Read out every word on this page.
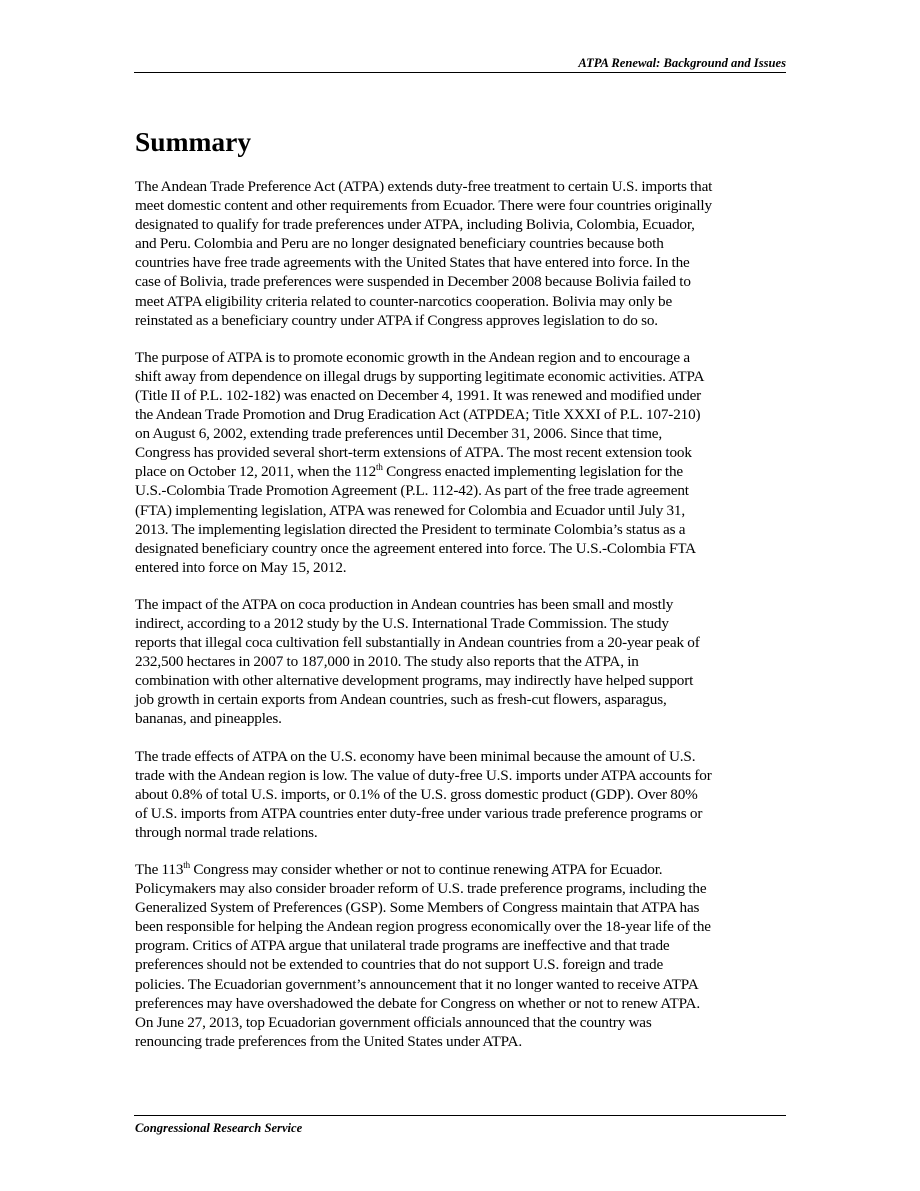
ATPA Renewal: Background and Issues
Summary

The Andean Trade Preference Act (ATPA) extends duty-free treatment to certain U.S. imports that
meet domestic content and other requirements from Ecuador. There were four countries originally
designated to qualify for trade preferences under ATPA, including Bolivia, Colombia, Ecuador,
and Peru. Colombia and Peru are no longer designated beneficiary countries because both
countries have free trade agreements with the United States that have entered into force. In the
case of Bolivia, trade preferences were suspended in December 2008 because Bolivia failed to
meet ATPA eligibility criteria related to counter-narcotics cooperation. Bolivia may only be
reinstated as a beneficiary country under ATPA if Congress approves legislation to do so.

The purpose of ATPA is to promote economic growth in the Andean region and to encourage a
shift away from dependence on illegal drugs by supporting legitimate economic activities. ATPA
(Title II of P.L. 102-182) was enacted on December 4, 1991. It was renewed and modified under
the Andean Trade Promotion and Drug Eradication Act (ATPDEA; Title XXXI of P.L. 107-210)
on August 6, 2002, extending trade preferences until December 31, 2006. Since that time,
Congress has provided several short-term extensions of ATPA. The most recent extension took
place on October 12, 2011, when the 112th Congress enacted implementing legislation for the
U.S.-Colombia Trade Promotion Agreement (P.L. 112-42). As part of the free trade agreement
(FTA) implementing legislation, ATPA was renewed for Colombia and Ecuador until July 31,
2013. The implementing legislation directed the President to terminate Colombia’s status as a
designated beneficiary country once the agreement entered into force. The U.S.-Colombia FTA
entered into force on May 15, 2012.

The impact of the ATPA on coca production in Andean countries has been small and mostly
indirect, according to a 2012 study by the U.S. International Trade Commission. The study
reports that illegal coca cultivation fell substantially in Andean countries from a 20-year peak of
232,500 hectares in 2007 to 187,000 in 2010. The study also reports that the ATPA, in
combination with other alternative development programs, may indirectly have helped support
job growth in certain exports from Andean countries, such as fresh-cut flowers, asparagus,
bananas, and pineapples.

The trade effects of ATPA on the U.S. economy have been minimal because the amount of U.S.
trade with the Andean region is low. The value of duty-free U.S. imports under ATPA accounts for
about 0.8% of total U.S. imports, or 0.1% of the U.S. gross domestic product (GDP). Over 80%
of U.S. imports from ATPA countries enter duty-free under various trade preference programs or
through normal trade relations.

The 113th Congress may consider whether or not to continue renewing ATPA for Ecuador.
Policymakers may also consider broader reform of U.S. trade preference programs, including the
Generalized System of Preferences (GSP). Some Members of Congress maintain that ATPA has
been responsible for helping the Andean region progress economically over the 18-year life of the
program. Critics of ATPA argue that unilateral trade programs are ineffective and that trade
preferences should not be extended to countries that do not support U.S. foreign and trade
policies. The Ecuadorian government’s announcement that it no longer wanted to receive ATPA
preferences may have overshadowed the debate for Congress on whether or not to renew ATPA.
On June 27, 2013, top Ecuadorian government officials announced that the country was
renouncing trade preferences from the United States under ATPA.

Congressional Research Service
